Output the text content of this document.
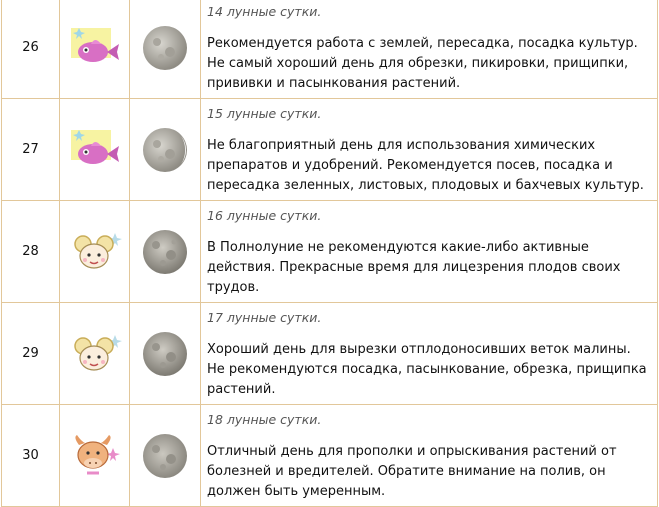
26			14 лунные сутки.

Рекомендуется работа с землей, пересадка, посадка культур. Не самый хороший день для обрезки, пикировки, прищипки, прививки и пасынкования растений.

27			15 лунные сутки.

Не благоприятный день для использования химических препаратов и удобрений. Рекомендуется посев, посадка и пересадка зеленных, листовых, плодовых и бахчевых культур.

28			16 лунные сутки.

В Полнолуние не рекомендуются какие-либо активные действия. Прекрасные время для лицезрения плодов своих трудов.

29			17 лунные сутки.

Хороший день для вырезки отплодоносивших веток малины. Не рекомендуются посадка, пасынкование, обрезка, прищипка растений.

30			18 лунные сутки.

Отличный день для прополки и опрыскивания растений от болезней и вредителей. Обратите внимание на полив, он должен быть умеренным.
